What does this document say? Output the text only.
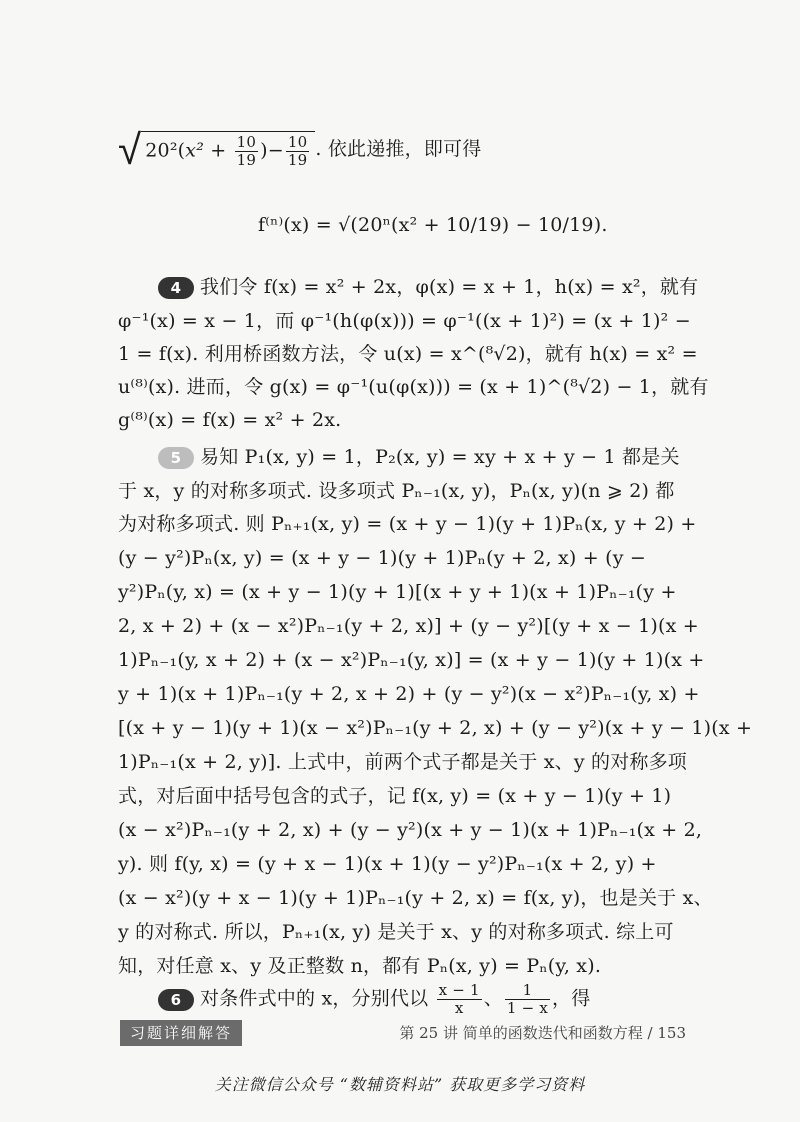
√ $20^2(x^2 + \frac{10}{19}$ )− $\frac{10}{19}$ . 依此递推，即可得
f⁽ⁿ⁾(x) = √(20ⁿ(x² + 10/19) − 10/19).
4 我们令 f(x) = x² + 2x，φ(x) = x + 1，h(x) = x²，就有
φ⁻¹(x) = x − 1，而 φ⁻¹(h(φ(x))) = φ⁻¹((x + 1)²) = (x + 1)² −
1 = f(x). 利用桥函数方法，令 u(x) = x^(⁸√2)，就有 h(x) = x² =
u⁽⁸⁾(x). 进而，令 g(x) = φ⁻¹(u(φ(x))) = (x + 1)^(⁸√2) − 1，就有
g⁽⁸⁾(x) = f(x) = x² + 2x.
5 易知 P₁(x, y) = 1，P₂(x, y) = xy + x + y − 1 都是关
于 x，y 的对称多项式. 设多项式 Pₙ₋₁(x, y)，Pₙ(x, y)(n ⩾ 2) 都
为对称多项式. 则 Pₙ₊₁(x, y) = (x + y − 1)(y + 1)Pₙ(x, y + 2) +
(y − y²)Pₙ(x, y) = (x + y − 1)(y + 1)Pₙ(y + 2, x) + (y −
y²)Pₙ(y, x) = (x + y − 1)(y + 1)[(x + y + 1)(x + 1)Pₙ₋₁(y +
2, x + 2) + (x − x²)Pₙ₋₁(y + 2, x)] + (y − y²)[(y + x − 1)(x +
1)Pₙ₋₁(y, x + 2) + (x − x²)Pₙ₋₁(y, x)] = (x + y − 1)(y + 1)(x +
y + 1)(x + 1)Pₙ₋₁(y + 2, x + 2) + (y − y²)(x − x²)Pₙ₋₁(y, x) +
[(x + y − 1)(y + 1)(x − x²)Pₙ₋₁(y + 2, x) + (y − y²)(x + y − 1)(x +
1)Pₙ₋₁(x + 2, y)]. 上式中，前两个式子都是关于 x、y 的对称多项
式，对后面中括号包含的式子，记 f(x, y) = (x + y − 1)(y + 1)
(x − x²)Pₙ₋₁(y + 2, x) + (y − y²)(x + y − 1)(x + 1)Pₙ₋₁(x + 2,
y). 则 f(y, x) = (y + x − 1)(x + 1)(y − y²)Pₙ₋₁(x + 2, y) +
(x − x²)(y + x − 1)(y + 1)Pₙ₋₁(y + 2, x) = f(x, y)，也是关于 x、
y 的对称式. 所以，Pₙ₊₁(x, y) 是关于 x、y 的对称多项式. 综上可
知，对任意 x、y 及正整数 n，都有 Pₙ(x, y) = Pₙ(y, x).
6 对条件式中的 x，分别代以 $\frac{x - 1}{x}$ 、 $\frac{1}{1 - x}$ ，得
习题详细解答	第 25 讲 简单的函数迭代和函数方程 / 153
关注微信公众号 “数辅资料站” 获取更多学习资料
